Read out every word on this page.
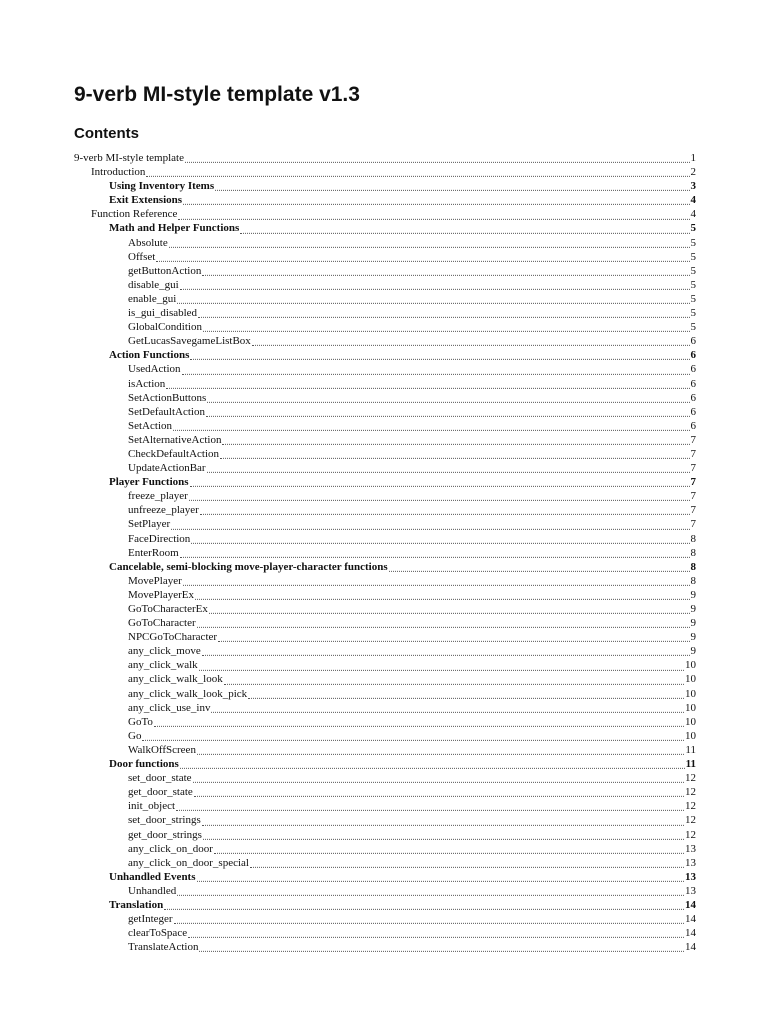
9-verb MI-style template v1.3
Contents
9-verb MI-style template	1
Introduction	2
Using Inventory Items	3
Exit Extensions	4
Function Reference	4
Math and Helper Functions	5
Absolute	5
Offset	5
getButtonAction	5
disable_gui	5
enable_gui	5
is_gui_disabled	5
GlobalCondition	5
GetLucasSavegameListBox	6
Action Functions	6
UsedAction	6
isAction	6
SetActionButtons	6
SetDefaultAction	6
SetAction	6
SetAlternativeAction	7
CheckDefaultAction	7
UpdateActionBar	7
Player Functions	7
freeze_player	7
unfreeze_player	7
SetPlayer	7
FaceDirection	8
EnterRoom	8
Cancelable, semi-blocking move-player-character functions	8
MovePlayer	8
MovePlayerEx	9
GoToCharacterEx	9
GoToCharacter	9
NPCGoToCharacter	9
any_click_move	9
any_click_walk	10
any_click_walk_look	10
any_click_walk_look_pick	10
any_click_use_inv	10
GoTo	10
Go	10
WalkOffScreen	11
Door functions	11
set_door_state	12
get_door_state	12
init_object	12
set_door_strings	12
get_door_strings	12
any_click_on_door	13
any_click_on_door_special	13
Unhandled Events	13
Unhandled	13
Translation	14
getInteger	14
clearToSpace	14
TranslateAction	14
